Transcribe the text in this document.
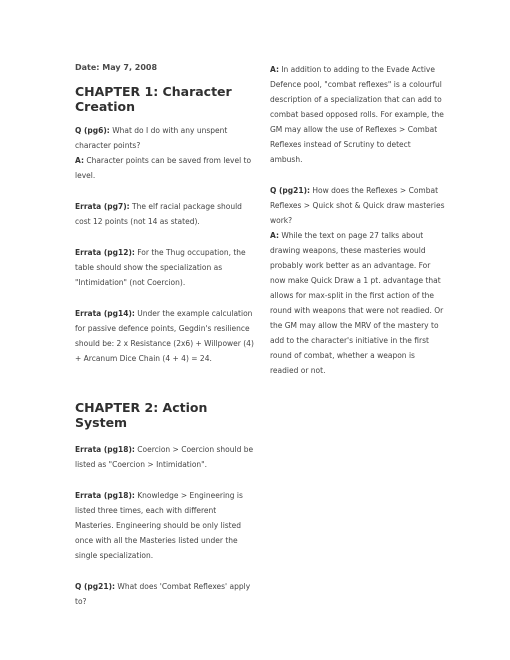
Date: May 7, 2008
CHAPTER 1: Character Creation

Q (pg6): What do I do with any unspent character points?

A: Character points can be saved from level to level.

Errata (pg7): The elf racial package should cost 12 points (not 14 as stated).

Errata (pg12): For the Thug occupation, the table should show the specialization as "Intimidation" (not Coercion).

Errata (pg14): Under the example calculation for passive defence points, Gegdin's resilience should be: 2 x Resistance (2x6) + Willpower (4) + Arcanum Dice Chain (4 + 4) = 24.

CHAPTER 2: Action System

Errata (pg18): Coercion > Coercion should be listed as "Coercion > Intimidation".

Errata (pg18): Knowledge > Engineering is listed three times, each with different Masteries. Engineering should be only listed once with all the Masteries listed under the single specialization.

Q (pg21): What does 'Combat Reflexes' apply to?

A: In addition to adding to the Evade Active Defence pool, "combat reflexes" is a colourful description of a specialization that can add to combat based opposed rolls. For example, the GM may allow the use of Reflexes > Combat Reflexes instead of Scrutiny to detect ambush.

Q (pg21): How does the Reflexes > Combat Reflexes > Quick shot & Quick draw masteries work?

A: While the text on page 27 talks about drawing weapons, these masteries would probably work better as an advantage. For now make Quick Draw a 1 pt. advantage that allows for max-split in the first action of the round with weapons that were not readied. Or the GM may allow the MRV of the mastery to add to the character's initiative in the first round of combat, whether a weapon is readied or not.
